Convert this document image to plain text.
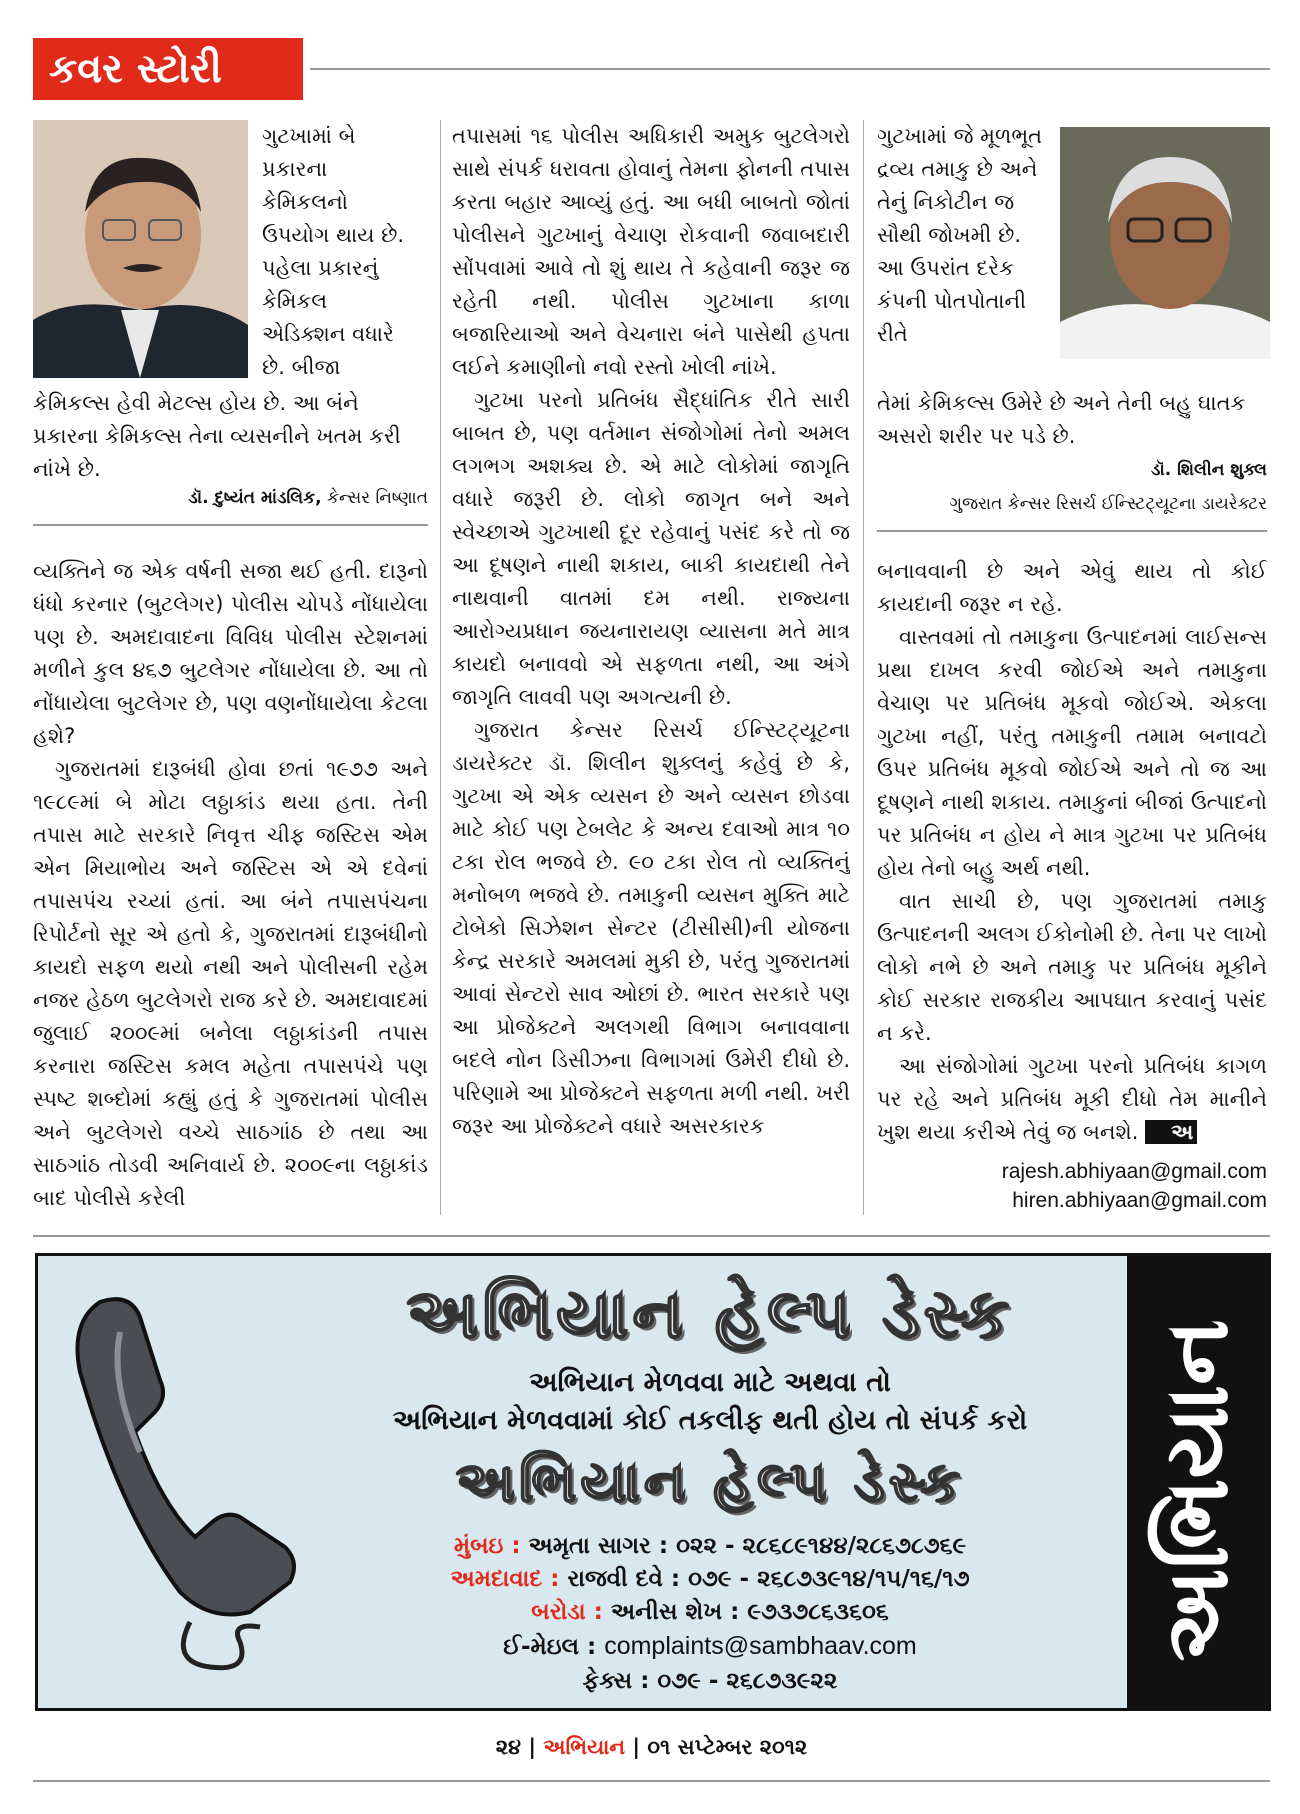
કવર સ્ટોરી
ગુટખામાં બે પ્રકારના કેમિકલનો ઉપયોગ થાય છે. પહેલા પ્રકારનું કેમિકલ એડિક્શન વધારે છે. બીજા
કેમિકલ્સ હેવી મેટલ્સ હોય છે. આ બંને પ્રકારના કેમિકલ્સ તેના વ્યસનીને ખતમ કરી નાંખે છે.
ડૉ. દુષ્યંત માંડલિક, કેન્સર નિષ્ણાત
તપાસમાં ૧૬ પોલીસ અધિકારી અમુક બુટલેગરો સાથે સંપર્ક ધરાવતા હોવાનું તેમના ફોનની તપાસ કરતા બહાર આવ્યું હતું. આ બધી બાબતો જોતાં પોલીસને ગુટખાનું વેચાણ રોકવાની જવાબદારી સોંપવામાં આવે તો શું થાય તે કહેવાની જરૂર જ રહેતી નથી. પોલીસ ગુટખાના કાળા બજારિયાઓ અને વેચનારા બંને પાસેથી હપતા લઈને કમાણીનો નવો રસ્તો ખોલી નાંખે.
ગુટખા પરનો પ્રતિબંધ સૈદ્ધાંતિક રીતે સારી બાબત છે, પણ વર્તમાન સંજોગોમાં તેનો અમલ લગભગ અશક્ય છે. એ માટે લોકોમાં જાગૃતિ વધારે જરૂરી છે. લોકો જાગૃત બને અને સ્વેચ્છાએ ગુટખાથી દૂર રહેવાનું પસંદ કરે તો જ આ દૂષણને નાથી શકાય, બાકી કાયદાથી તેને નાથવાની વાતમાં દમ નથી. રાજ્યના આરોગ્યપ્રધાન જયનારાયણ વ્યાસના મતે માત્ર કાયદો બનાવવો એ સફળતા નથી, આ અંગે જાગૃતિ લાવવી પણ અગત્યની છે.
ગુજરાત કેન્સર રિસર્ચ ઈન્સ્ટિટ્યૂટના ડાયરેક્ટર ડૉ. શિલીન શુક્લનું કહેવું છે કે, ગુટખા એ એક વ્યસન છે અને વ્યસન છોડવા માટે કોઈ પણ ટેબલેટ કે અન્ય દવાઓ માત્ર ૧૦ ટકા રોલ ભજવે છે. ૯૦ ટકા રોલ તો વ્યક્તિનું મનોબળ ભજવે છે. તમાકુની વ્યસન મુક્તિ માટે ટોબેકો સિઝેશન સેન્ટર (ટીસીસી)ની યોજના કેન્દ્ર સરકારે અમલમાં મુકી છે, પરંતુ ગુજરાતમાં આવાં સેન્ટરો સાવ ઓછાં છે. ભારત સરકારે પણ આ પ્રોજેક્ટને અલગથી વિભાગ બનાવવાના બદલે નોન ડિસીઝના વિભાગમાં ઉમેરી દીધો છે. પરિણામે આ પ્રોજેક્ટને સફળતા મળી નથી. ખરી જરૂર આ પ્રોજેક્ટને વધારે અસરકારક
ગુટખામાં જે મૂળભૂત દ્રવ્ય તમાકુ છે અને તેનું નિકોટીન જ સૌથી જોખમી છે. આ ઉપરાંત દરેક કંપની પોતપોતાની રીતે
તેમાં કેમિકલ્સ ઉમેરે છે અને તેની બહુ ઘાતક અસરો શરીર પર પડે છે.
ડૉ. શિલીન શુક્લ
ગુજરાત કેન્સર રિસર્ચ ઈન્સ્ટિટ્યૂટના ડાયરેક્ટર
વ્યક્તિને જ એક વર્ષની સજા થઈ હતી. દારૂનો ધંધો કરનાર (બુટલેગર) પોલીસ ચોપડે નોંધાયેલા પણ છે. અમદાવાદના વિવિધ પોલીસ સ્ટેશનમાં મળીને કુલ ૪૬૭ બુટલેગર નોંધાયેલા છે. આ તો નોંધાયેલા બુટલેગર છે, પણ વણનોંધાયેલા કેટલા હશે?
ગુજરાતમાં દારૂબંધી હોવા છતાં ૧૯૭૭ અને ૧૯૮૯માં બે મોટા લઠ્ઠાકાંડ થયા હતા. તેની તપાસ માટે સરકારે નિવૃત્ત ચીફ જસ્ટિસ એમ એન મિયાભોય અને જસ્ટિસ એ એ દવેનાં તપાસપંચ રચ્યાં હતાં. આ બંને તપાસપંચના રિપોર્ટનો સૂર એ હતો કે, ગુજરાતમાં દારૂબંધીનો કાયદો સફળ થયો નથી અને પોલીસની રહેમ નજર હેઠળ બુટલેગરો રાજ કરે છે. અમદાવાદમાં જુલાઈ ૨૦૦૯માં બનેલા લઠ્ઠાકાંડની તપાસ કરનારા જસ્ટિસ કમલ મહેતા તપાસપંચે પણ સ્પષ્ટ શબ્દોમાં કહ્યું હતું કે ગુજરાતમાં પોલીસ અને બુટલેગરો વચ્ચે સાઠગાંઠ છે તથા આ સાઠગાંઠ તોડવી અનિવાર્ય છે. ૨૦૦૯ના લઠ્ઠાકાંડ બાદ પોલીસે કરેલી
બનાવવાની છે અને એવું થાય તો કોઈ કાયદાની જરૂર ન રહે.
વાસ્તવમાં તો તમાકુના ઉત્પાદનમાં લાઈસન્સ પ્રથા દાખલ કરવી જોઈએ અને તમાકુના વેચાણ પર પ્રતિબંધ મૂકવો જોઈએ. એકલા ગુટખા નહીં, પરંતુ તમાકુની તમામ બનાવટો ઉપર પ્રતિબંધ મૂકવો જોઈએ અને તો જ આ દૂષણને નાથી શકાય. તમાકુનાં બીજાં ઉત્પાદનો પર પ્રતિબંધ ન હોય ને માત્ર ગુટખા પર પ્રતિબંધ હોય તેનો બહુ અર્થ નથી.
વાત સાચી છે, પણ ગુજરાતમાં તમાકુ ઉત્પાદનની અલગ ઈકોનોમી છે. તેના પર લાખો લોકો નભે છે અને તમાકુ પર પ્રતિબંધ મૂકીને કોઈ સરકાર રાજકીય આપઘાત કરવાનું પસંદ ન કરે.
આ સંજોગોમાં ગુટખા પરનો પ્રતિબંધ કાગળ પર રહે અને પ્રતિબંધ મૂકી દીધો તેમ માનીને ખુશ થયા કરીએ તેવું જ બનશે. અ
rajesh.abhiyaan@gmail.com
hiren.abhiyaan@gmail.com
અભિયાન હેલ્પ ડેસ્ક
અભિયાન મેળવવા માટે અથવા તો
અભિયાન મેળવવામાં કોઈ તકલીફ થતી હોય તો સંપર્ક કરો
અભિયાન હેલ્પ ડેસ્ક
મુંબઇ : અમૃતા સાગર : ૦૨૨ - ૨૮૬૮૯૧૪૪/૨૮૬૭૮૭૬૯
અમદાવાદ : રાજવી દવે : ૦૭૯ - ૨૬૮૭૩૯૧૪/૧૫/૧૬/૧૭
બરોડા : અનીસ શેખ : ૯૭૩૭૮૬૩૬૦૬
ઈ-મેઇલ : complaints@sambhaav.com
ફેક્સ : ૦૭૯ - ૨૬૮૭૩૯૨૨
અભિયાન
૨૪ | અભિયાન | ૦૧ સપ્ટેમ્બર ૨૦૧૨
